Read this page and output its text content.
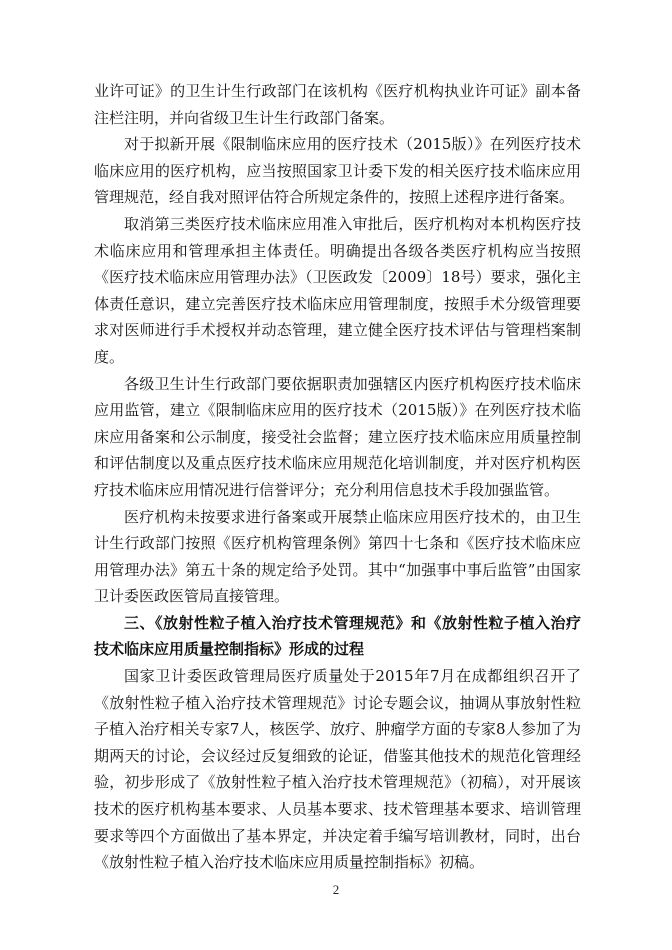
业许可证》的卫生计生行政部门在该机构《医疗机构执业许可证》副本备注栏注明，并向省级卫生计生行政部门备案。

对于拟新开展《限制临床应用的医疗技术（2015版）》在列医疗技术临床应用的医疗机构，应当按照国家卫计委下发的相关医疗技术临床应用管理规范，经自我对照评估符合所规定条件的，按照上述程序进行备案。

取消第三类医疗技术临床应用准入审批后，医疗机构对本机构医疗技术临床应用和管理承担主体责任。明确提出各级各类医疗机构应当按照《医疗技术临床应用管理办法》（卫医政发〔2009〕18号）要求，强化主体责任意识，建立完善医疗技术临床应用管理制度，按照手术分级管理要求对医师进行手术授权并动态管理，建立健全医疗技术评估与管理档案制度。

各级卫生计生行政部门要依据职责加强辖区内医疗机构医疗技术临床应用监管，建立《限制临床应用的医疗技术（2015版）》在列医疗技术临床应用备案和公示制度，接受社会监督；建立医疗技术临床应用质量控制和评估制度以及重点医疗技术临床应用规范化培训制度，并对医疗机构医疗技术临床应用情况进行信誉评分；充分利用信息技术手段加强监管。

医疗机构未按要求进行备案或开展禁止临床应用医疗技术的，由卫生计生行政部门按照《医疗机构管理条例》第四十七条和《医疗技术临床应用管理办法》第五十条的规定给予处罚。其中“加强事中事后监管”由国家卫计委医政医管局直接管理。

三、《放射性粒子植入治疗技术管理规范》和《放射性粒子植入治疗技术临床应用质量控制指标》形成的过程

国家卫计委医政管理局医疗质量处于2015年7月在成都组织召开了《放射性粒子植入治疗技术管理规范》讨论专题会议，抽调从事放射性粒子植入治疗相关专家7人，核医学、放疗、肿瘤学方面的专家8人参加了为期两天的讨论，会议经过反复细致的论证，借鉴其他技术的规范化管理经验，初步形成了《放射性粒子植入治疗技术管理规范》（初稿），对开展该技术的医疗机构基本要求、人员基本要求、技术管理基本要求、培训管理要求等四个方面做出了基本界定，并决定着手编写培训教材，同时，出台《放射性粒子植入治疗技术临床应用质量控制指标》初稿。

2
